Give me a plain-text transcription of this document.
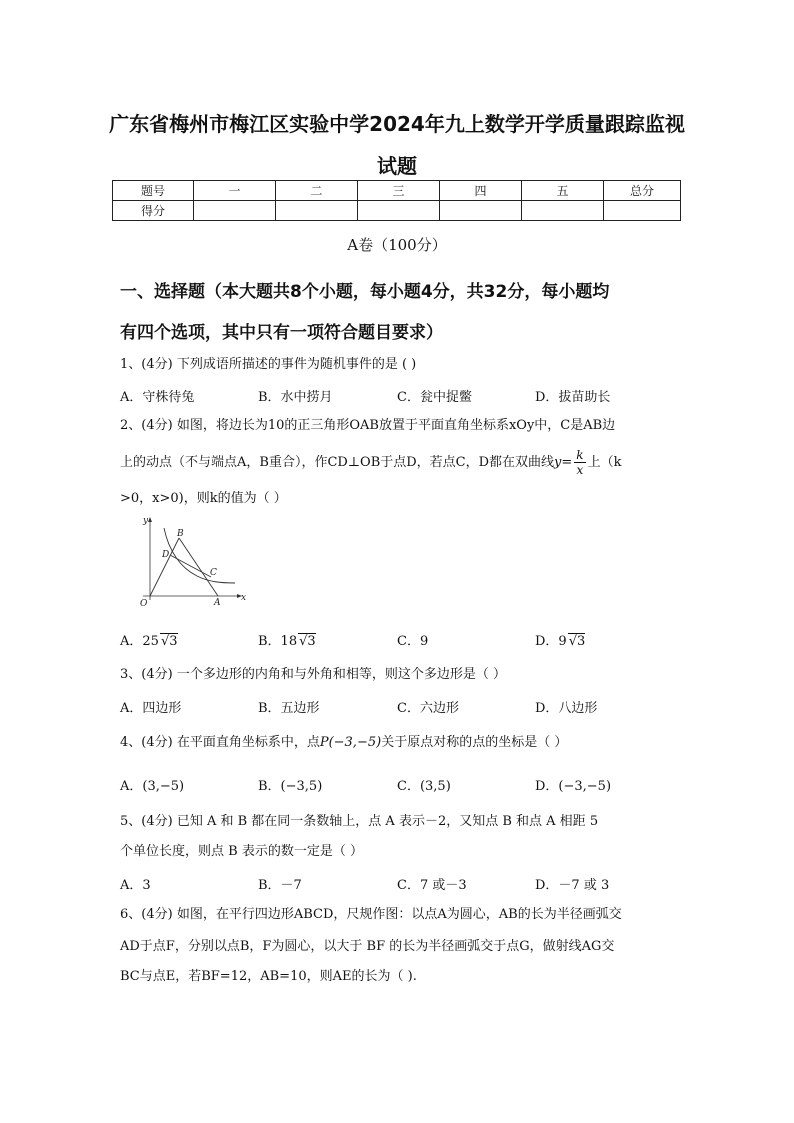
广东省梅州市梅江区实验中学2024年九上数学开学质量跟踪监视
试题
题号	一	二	三	四	五	总分
得分						
A卷（100分）
一、选择题（本大题共8个小题，每小题4分，共32分，每小题均
有四个选项，其中只有一项符合题目要求）
1、(4分) 下列成语所描述的事件为随机事件的是 ( )
A．守株待兔	B．水中捞月	C．瓮中捉鳖	D．拔苗助长
2、(4分) 如图，将边长为10的正三角形OAB放置于平面直角坐标系xOy中，C是AB边
上的动点（不与端点A，B重合），作CD⊥OB于点D，若点C，D都在双曲线$y= \frac{k}{x}$ 上（k
>0，x>0)，则k的值为（ ）
y
x
O	A
B
C
D
A．25 √3	B．18 √3	C．9	D．9 √3
3、(4分) 一个多边形的内角和与外角和相等，则这个多边形是（ ）
A．四边形	B．五边形	C．六边形	D．八边形
4、(4分) 在平面直角坐标系中，点P(−3,−5)关于原点对称的点的坐标是（ ）
A．(3,−5)	B．(−3,5)	C．(3,5)	D．(−3,−5)
5、(4分) 已知 A 和 B 都在同一条数轴上，点 A 表示－2，又知点 B 和点 A 相距 5
个单位长度，则点 B 表示的数一定是（ ）
A．3	B．－7	C．7 或－3	D．－7 或 3
6、(4分) 如图，在平行四边形ABCD，尺规作图：以点A为圆心，AB的长为半径画弧交
AD于点F，分别以点B，F为圆心，以大于 BF 的长为半径画弧交于点G，做射线AG交
BC与点E，若BF=12，AB=10，则AE的长为（ ).
